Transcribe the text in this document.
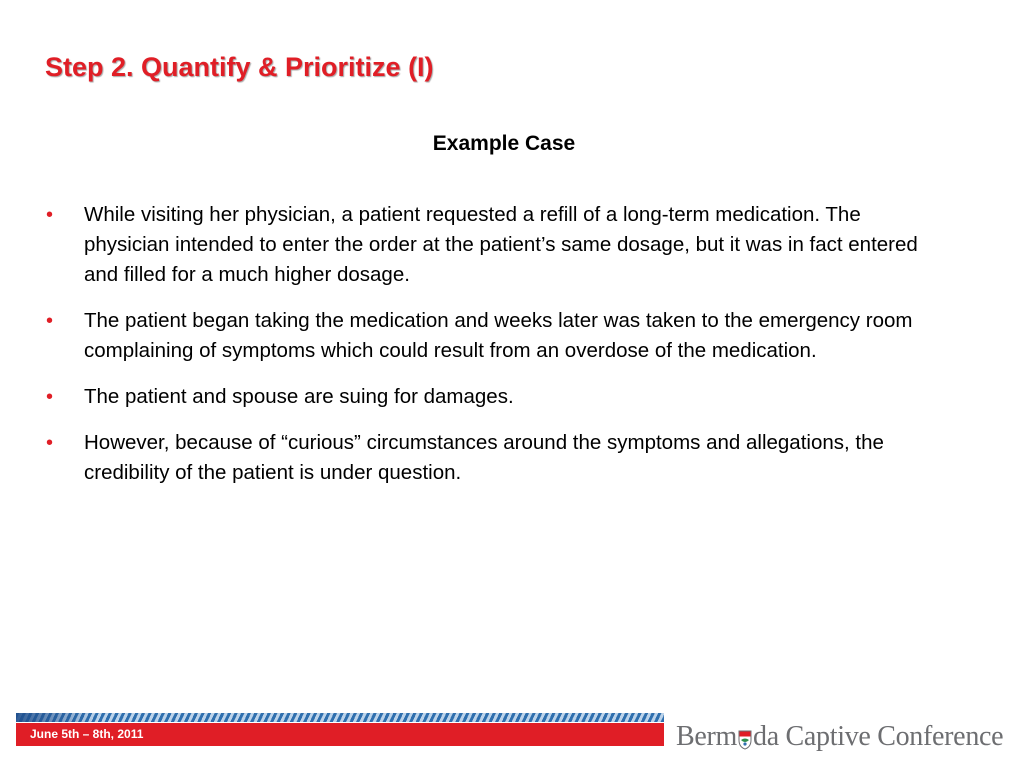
Step 2. Quantify & Prioritize (I)
Example Case
• While visiting her physician, a patient requested a refill of a long-term medication. The physician intended to enter the order at the patient’s same dosage, but it was in fact entered and filled for a much higher dosage.
• The patient began taking the medication and weeks later was taken to the emergency room complaining of symptoms which could result from an overdose of the medication.
• The patient and spouse are suing for damages.
• However, because of “curious” circumstances around the symptoms and allegations, the credibility of the patient is under question.
June 5th – 8th, 2011	Berm da Captive Conference
